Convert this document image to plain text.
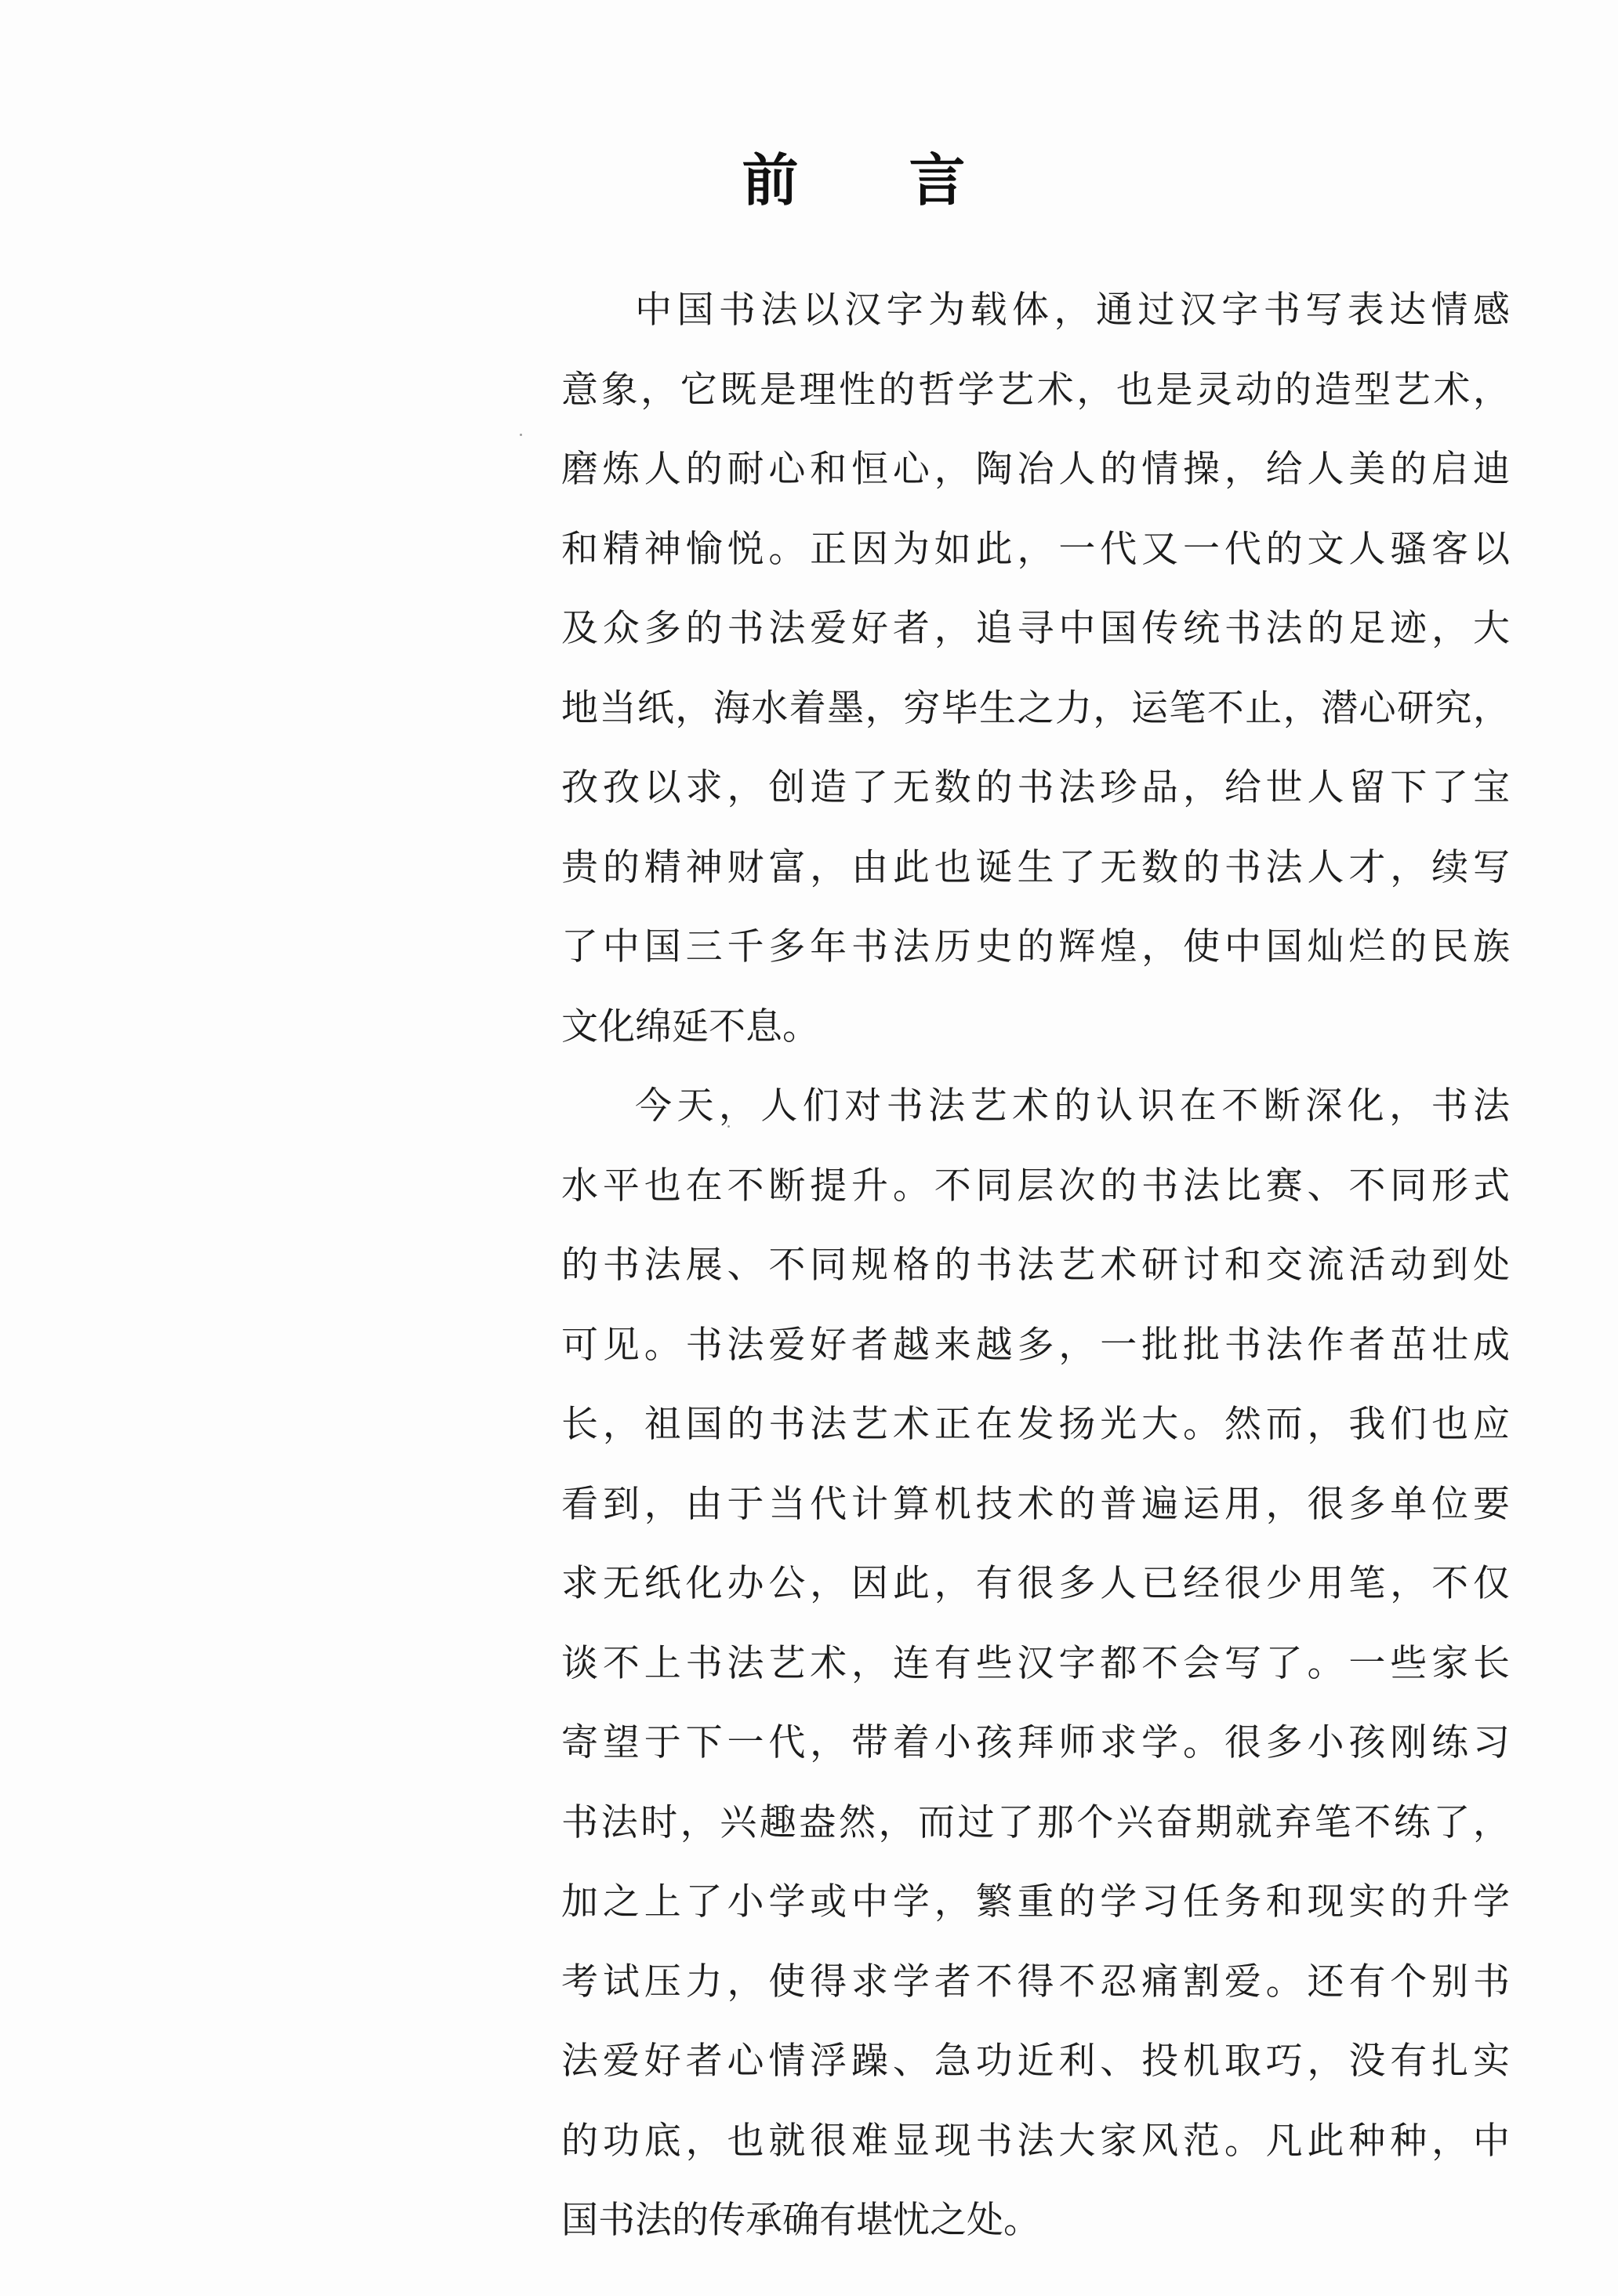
前 言
中国书法以汉字为载体，通过汉字书写表达情感
意象，它既是理性的哲学艺术，也是灵动的造型艺术，
磨炼人的耐心和恒心，陶冶人的情操，给人美的启迪
和精神愉悦。正因为如此，一代又一代的文人骚客以
及众多的书法爱好者，追寻中国传统书法的足迹，大
地当纸，海水着墨，穷毕生之力，运笔不止，潜心研究，
孜孜以求，创造了无数的书法珍品，给世人留下了宝
贵的精神财富，由此也诞生了无数的书法人才，续写
了中国三千多年书法历史的辉煌，使中国灿烂的民族
文化绵延不息。
今天，人们对书法艺术的认识在不断深化，书法
水平也在不断提升。不同层次的书法比赛、不同形式
的书法展、不同规格的书法艺术研讨和交流活动到处
可见。书法爱好者越来越多，一批批书法作者茁壮成
长，祖国的书法艺术正在发扬光大。然而，我们也应
看到，由于当代计算机技术的普遍运用，很多单位要
求无纸化办公，因此，有很多人已经很少用笔，不仅
谈不上书法艺术，连有些汉字都不会写了。一些家长
寄望于下一代，带着小孩拜师求学。很多小孩刚练习
书法时，兴趣盎然，而过了那个兴奋期就弃笔不练了，
加之上了小学或中学，繁重的学习任务和现实的升学
考试压力，使得求学者不得不忍痛割爱。还有个别书
法爱好者心情浮躁、急功近利、投机取巧，没有扎实
的功底，也就很难显现书法大家风范。凡此种种，中
国书法的传承确有堪忧之处。
